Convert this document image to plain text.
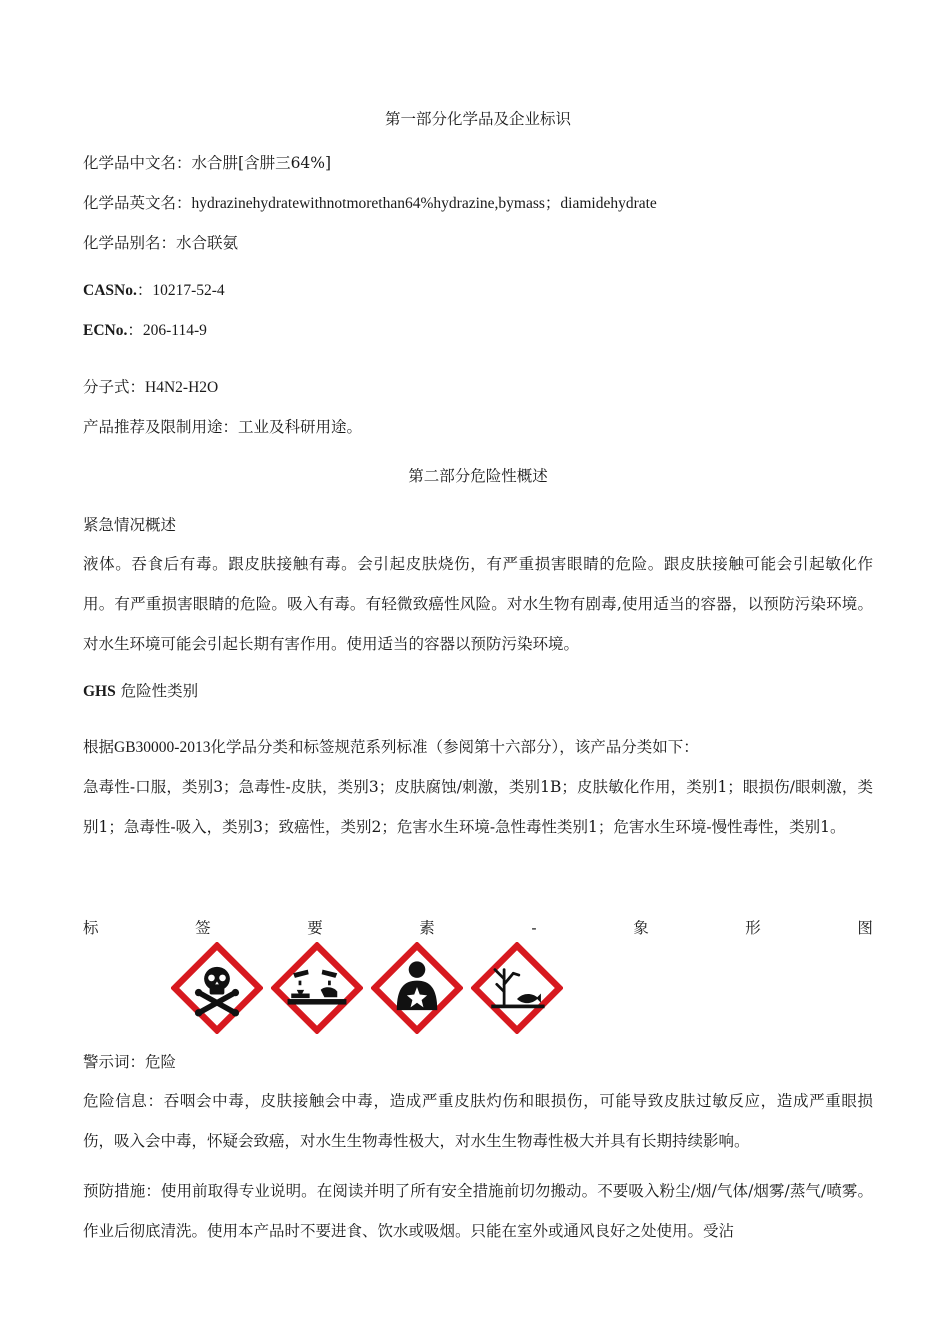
第一部分化学品及企业标识
化学品中文名：水合肼[含肼三64%]
化学品英文名：hydrazinehydratewithnotmorethan64%hydrazine,bymass；diamidehydrate
化学品别名：水合联氨
CASNo.：10217-52-4
ECNo.：206-114-9
分子式：H4N2-H2O
产品推荐及限制用途：工业及科研用途。
第二部分危险性概述
紧急情况概述
液体。吞食后有毒。跟皮肤接触有毒。会引起皮肤烧伤，有严重损害眼睛的危险。跟皮肤接触可能会引起敏化作用。有严重损害眼睛的危险。吸入有毒。有轻微致癌性风险。对水生物有剧毒,使用适当的容器，以预防污染环境。对水生环境可能会引起长期有害作用。使用适当的容器以预防污染环境。
GHS 危险性类别
根据GB30000-2013化学品分类和标签规范系列标准（参阅第十六部分），该产品分类如下：
急毒性-口服，类别3；急毒性-皮肤，类别3；皮肤腐蚀/刺激，类别1B；皮肤敏化作用，类别1；眼损伤/眼刺激，类别1；急毒性-吸入，类别3；致癌性，类别2；危害水生环境-急性毒性类别1；危害水生环境-慢性毒性，类别1。
标	签	要	素	-	象	形	图
警示词：危险
危险信息：吞咽会中毒，皮肤接触会中毒，造成严重皮肤灼伤和眼损伤，可能导致皮肤过敏反应，造成严重眼损伤，吸入会中毒，怀疑会致癌，对水生生物毒性极大，对水生生物毒性极大并具有长期持续影响。
预防措施：使用前取得专业说明。在阅读并明了所有安全措施前切勿搬动。不要吸入粉尘/烟/气体/烟雾/蒸气/喷雾。作业后彻底清洗。使用本产品时不要进食、饮水或吸烟。只能在室外或通风良好之处使用。受沾
